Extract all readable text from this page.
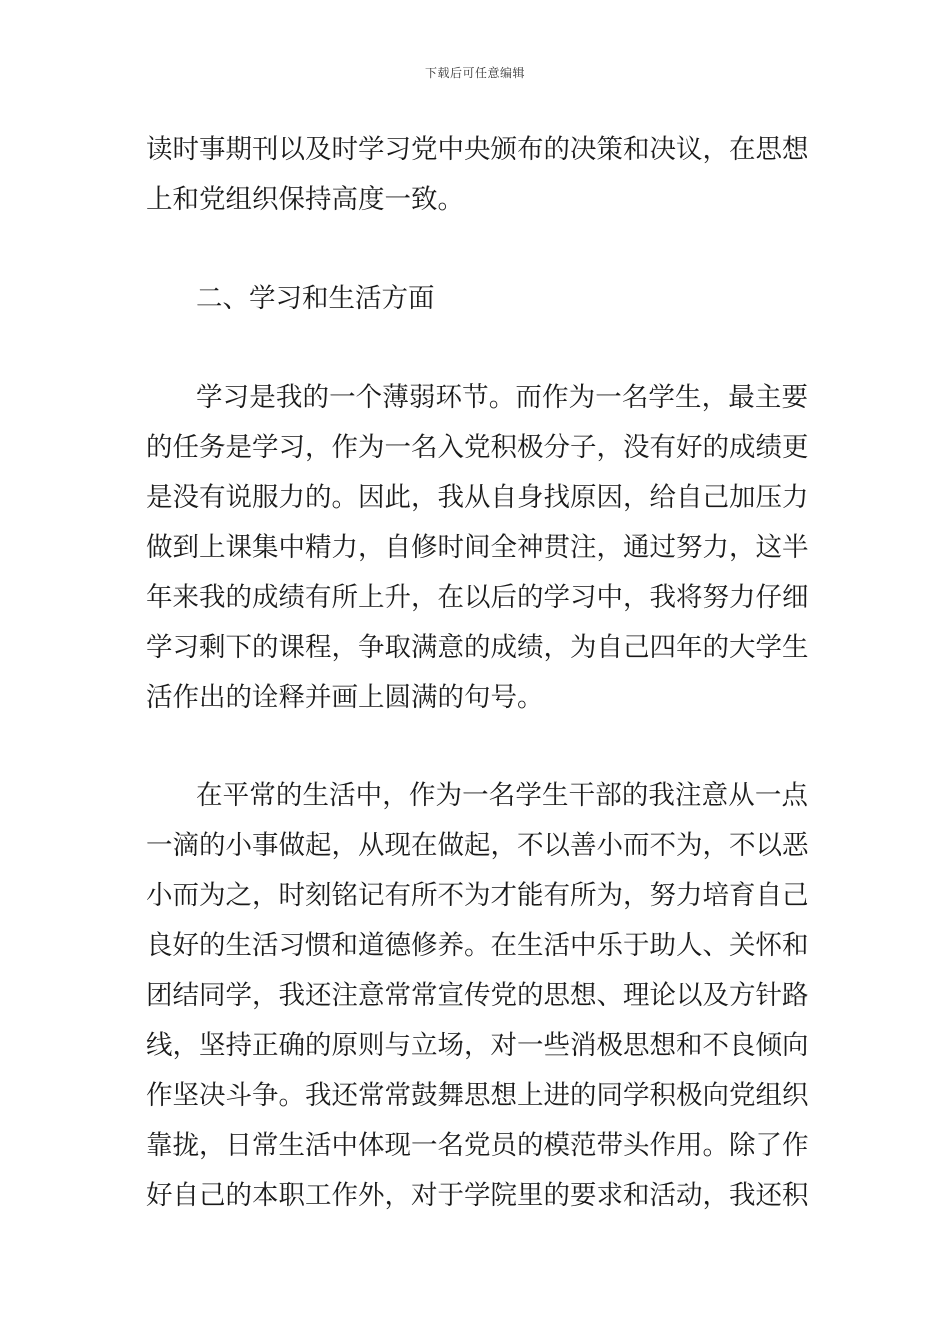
下载后可任意编辑
读时事期刊以及时学习党中央颁布的决策和决议，在思想
上和党组织保持高度一致。
二、学习和生活方面
学习是我的一个薄弱环节。而作为一名学生，最主要
的任务是学习，作为一名入党积极分子，没有好的成绩更
是没有说服力的。因此，我从自身找原因，给自己加压力
做到上课集中精力，自修时间全神贯注，通过努力，这半
年来我的成绩有所上升，在以后的学习中，我将努力仔细
学习剩下的课程，争取满意的成绩，为自己四年的大学生
活作出的诠释并画上圆满的句号。
在平常的生活中，作为一名学生干部的我注意从一点
一滴的小事做起，从现在做起，不以善小而不为，不以恶
小而为之，时刻铭记有所不为才能有所为，努力培育自己
良好的生活习惯和道德修养。在生活中乐于助人、关怀和
团结同学，我还注意常常宣传党的思想、理论以及方针路
线，坚持正确的原则与立场，对一些消极思想和不良倾向
作坚决斗争。我还常常鼓舞思想上进的同学积极向党组织
靠拢，日常生活中体现一名党员的模范带头作用。除了作
好自己的本职工作外，对于学院里的要求和活动，我还积
